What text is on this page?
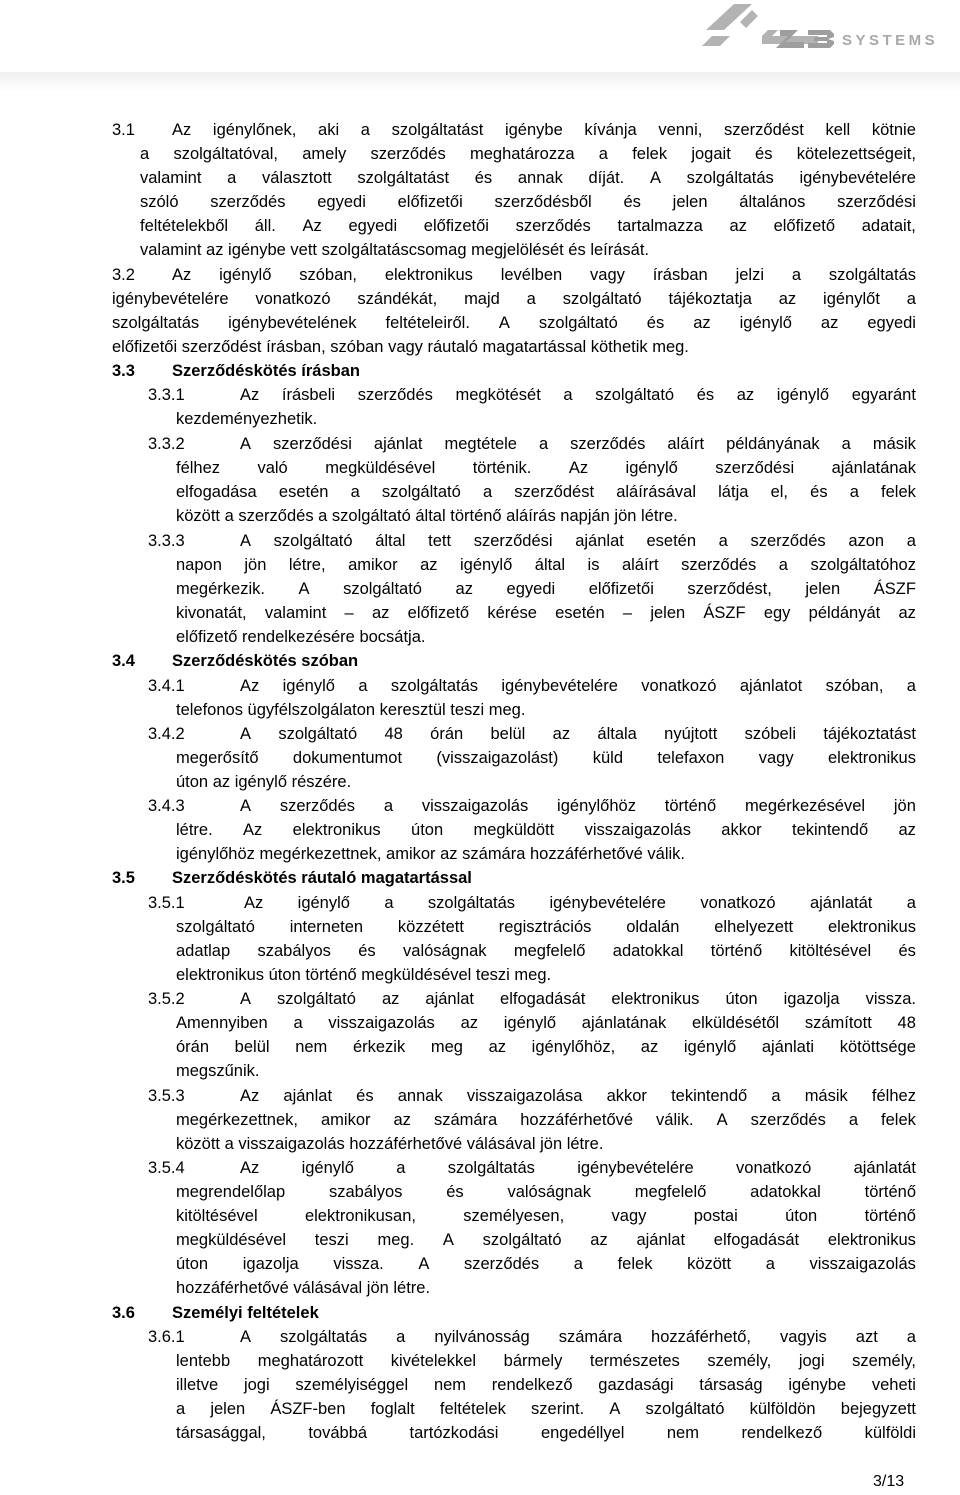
SYSTEMS
3.1 Az igénylőnek, aki a szolgáltatást igénybe kívánja venni, szerződést kell kötnie
a szolgáltatóval, amely szerződés meghatározza a felek jogait és kötelezettségeit,
valamint a választott szolgáltatást és annak díját. A szolgáltatás igénybevételére
szóló szerződés egyedi előfizetői szerződésből és jelen általános szerződési
feltételekből áll. Az egyedi előfizetői szerződés tartalmazza az előfizető adatait,
valamint az igénybe vett szolgáltatáscsomag megjelölését és leírását.
3.2 Az igénylő szóban, elektronikus levélben vagy írásban jelzi a szolgáltatás
igénybevételére vonatkozó szándékát, majd a szolgáltató tájékoztatja az igénylőt a
szolgáltatás igénybevételének feltételeiről. A szolgáltató és az igénylő az egyedi
előfizetői szerződést írásban, szóban vagy ráutaló magatartással köthetik meg.
3.3 Szerződéskötés írásban
3.3.1	Az írásbeli szerződés megkötését a szolgáltató és az igénylő egyaránt
kezdeményezhetik.
3.3.2	A szerződési ajánlat megtétele a szerződés aláírt példányának a másik
félhez való megküldésével történik. Az igénylő szerződési ajánlatának
elfogadása esetén a szolgáltató a szerződést aláírásával látja el, és a felek
között a szerződés a szolgáltató által történő aláírás napján jön létre.
3.3.3	A szolgáltató által tett szerződési ajánlat esetén a szerződés azon a
napon jön létre, amikor az igénylő által is aláírt szerződés a szolgáltatóhoz
megérkezik. A szolgáltató az egyedi előfizetői szerződést, jelen ÁSZF
kivonatát, valamint – az előfizető kérése esetén – jelen ÁSZF egy példányát az
előfizető rendelkezésére bocsátja.
3.4 Szerződéskötés szóban
3.4.1	Az igénylő a szolgáltatás igénybevételére vonatkozó ajánlatot szóban, a
telefonos ügyfélszolgálaton keresztül teszi meg.
3.4.2	A szolgáltató 48 órán belül az általa nyújtott szóbeli tájékoztatást
megerősítő dokumentumot (visszaigazolást) küld telefaxon vagy elektronikus
úton az igénylő részére.
3.4.3	A szerződés a visszaigazolás igénylőhöz történő megérkezésével jön
létre. Az elektronikus úton megküldött visszaigazolás akkor tekintendő az
igénylőhöz megérkezettnek, amikor az számára hozzáférhetővé válik.
3.5 Szerződéskötés ráutaló magatartással
3.5.1	Az igénylő a szolgáltatás igénybevételére vonatkozó ajánlatát a
szolgáltató interneten közzétett regisztrációs oldalán elhelyezett elektronikus
adatlap szabályos és valóságnak megfelelő adatokkal történő kitöltésével és
elektronikus úton történő megküldésével teszi meg.
3.5.2	A szolgáltató az ajánlat elfogadását elektronikus úton igazolja vissza.
Amennyiben a visszaigazolás az igénylő ajánlatának elküldésétől számított 48
órán belül nem érkezik meg az igénylőhöz, az igénylő ajánlati kötöttsége
megszűnik.
3.5.3	Az ajánlat és annak visszaigazolása akkor tekintendő a másik félhez
megérkezettnek, amikor az számára hozzáférhetővé válik. A szerződés a felek
között a visszaigazolás hozzáférhetővé válásával jön létre.
3.5.4	Az	igénylő	a	szolgáltatás	igénybevételére	vonatkozó	ajánlatát
megrendelőlap	szabályos	és	valóságnak	megfelelő	adatokkal	történő
kitöltésével	elektronikusan,	személyesen,	vagy	postai	úton	történő
megküldésével teszi meg. A szolgáltató az ajánlat elfogadását elektronikus
úton igazolja vissza. A szerződés a felek között a visszaigazolás
hozzáférhetővé válásával jön létre.
3.6 Személyi feltételek
3.6.1	A szolgáltatás a nyilvánosság számára hozzáférhető, vagyis azt a
lentebb meghatározott kivételekkel bármely természetes személy, jogi személy,
illetve jogi személyiséggel nem rendelkező gazdasági társaság igénybe veheti
a jelen ÁSZF-ben foglalt feltételek szerint. A szolgáltató külföldön bejegyzett
társasággal,	továbbá	tartózkodási	engedéllyel	nem	rendelkező	külföldi
3/13
